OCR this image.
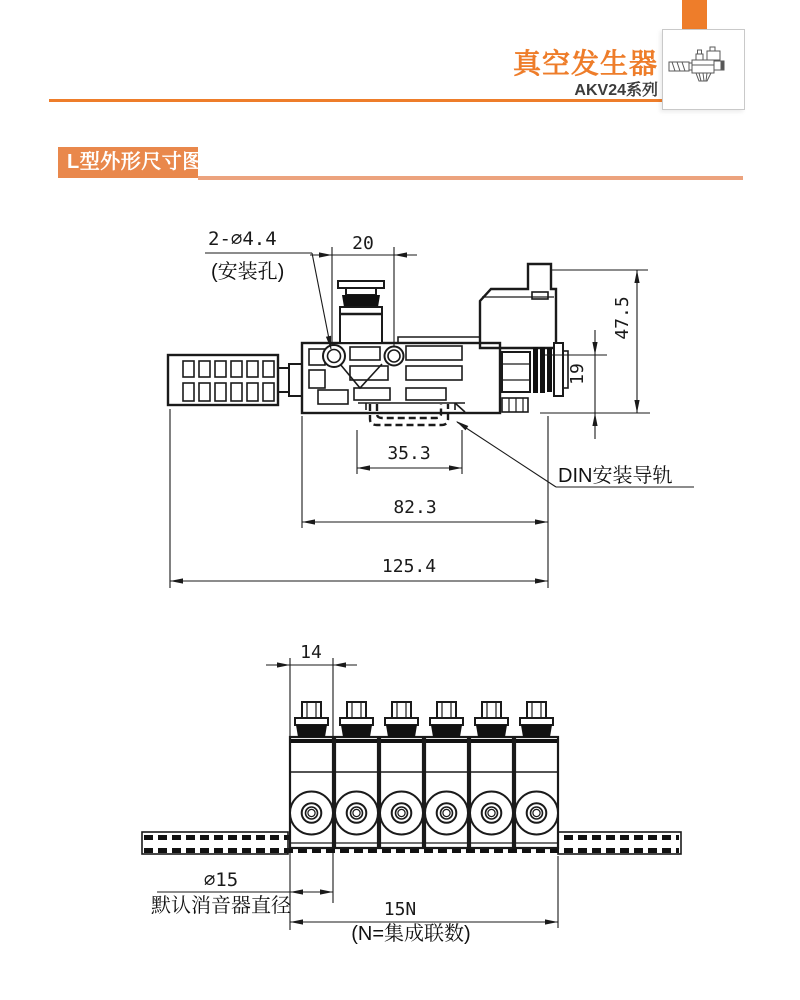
真空发生器
AKV24系列
L型外形尺寸图
2-∅4.4
(安装孔)
20
47.5
19
35.3
82.3
125.4
DIN安装导轨
14
∅15
默认消音器直径	15N
(N=集成联数)
